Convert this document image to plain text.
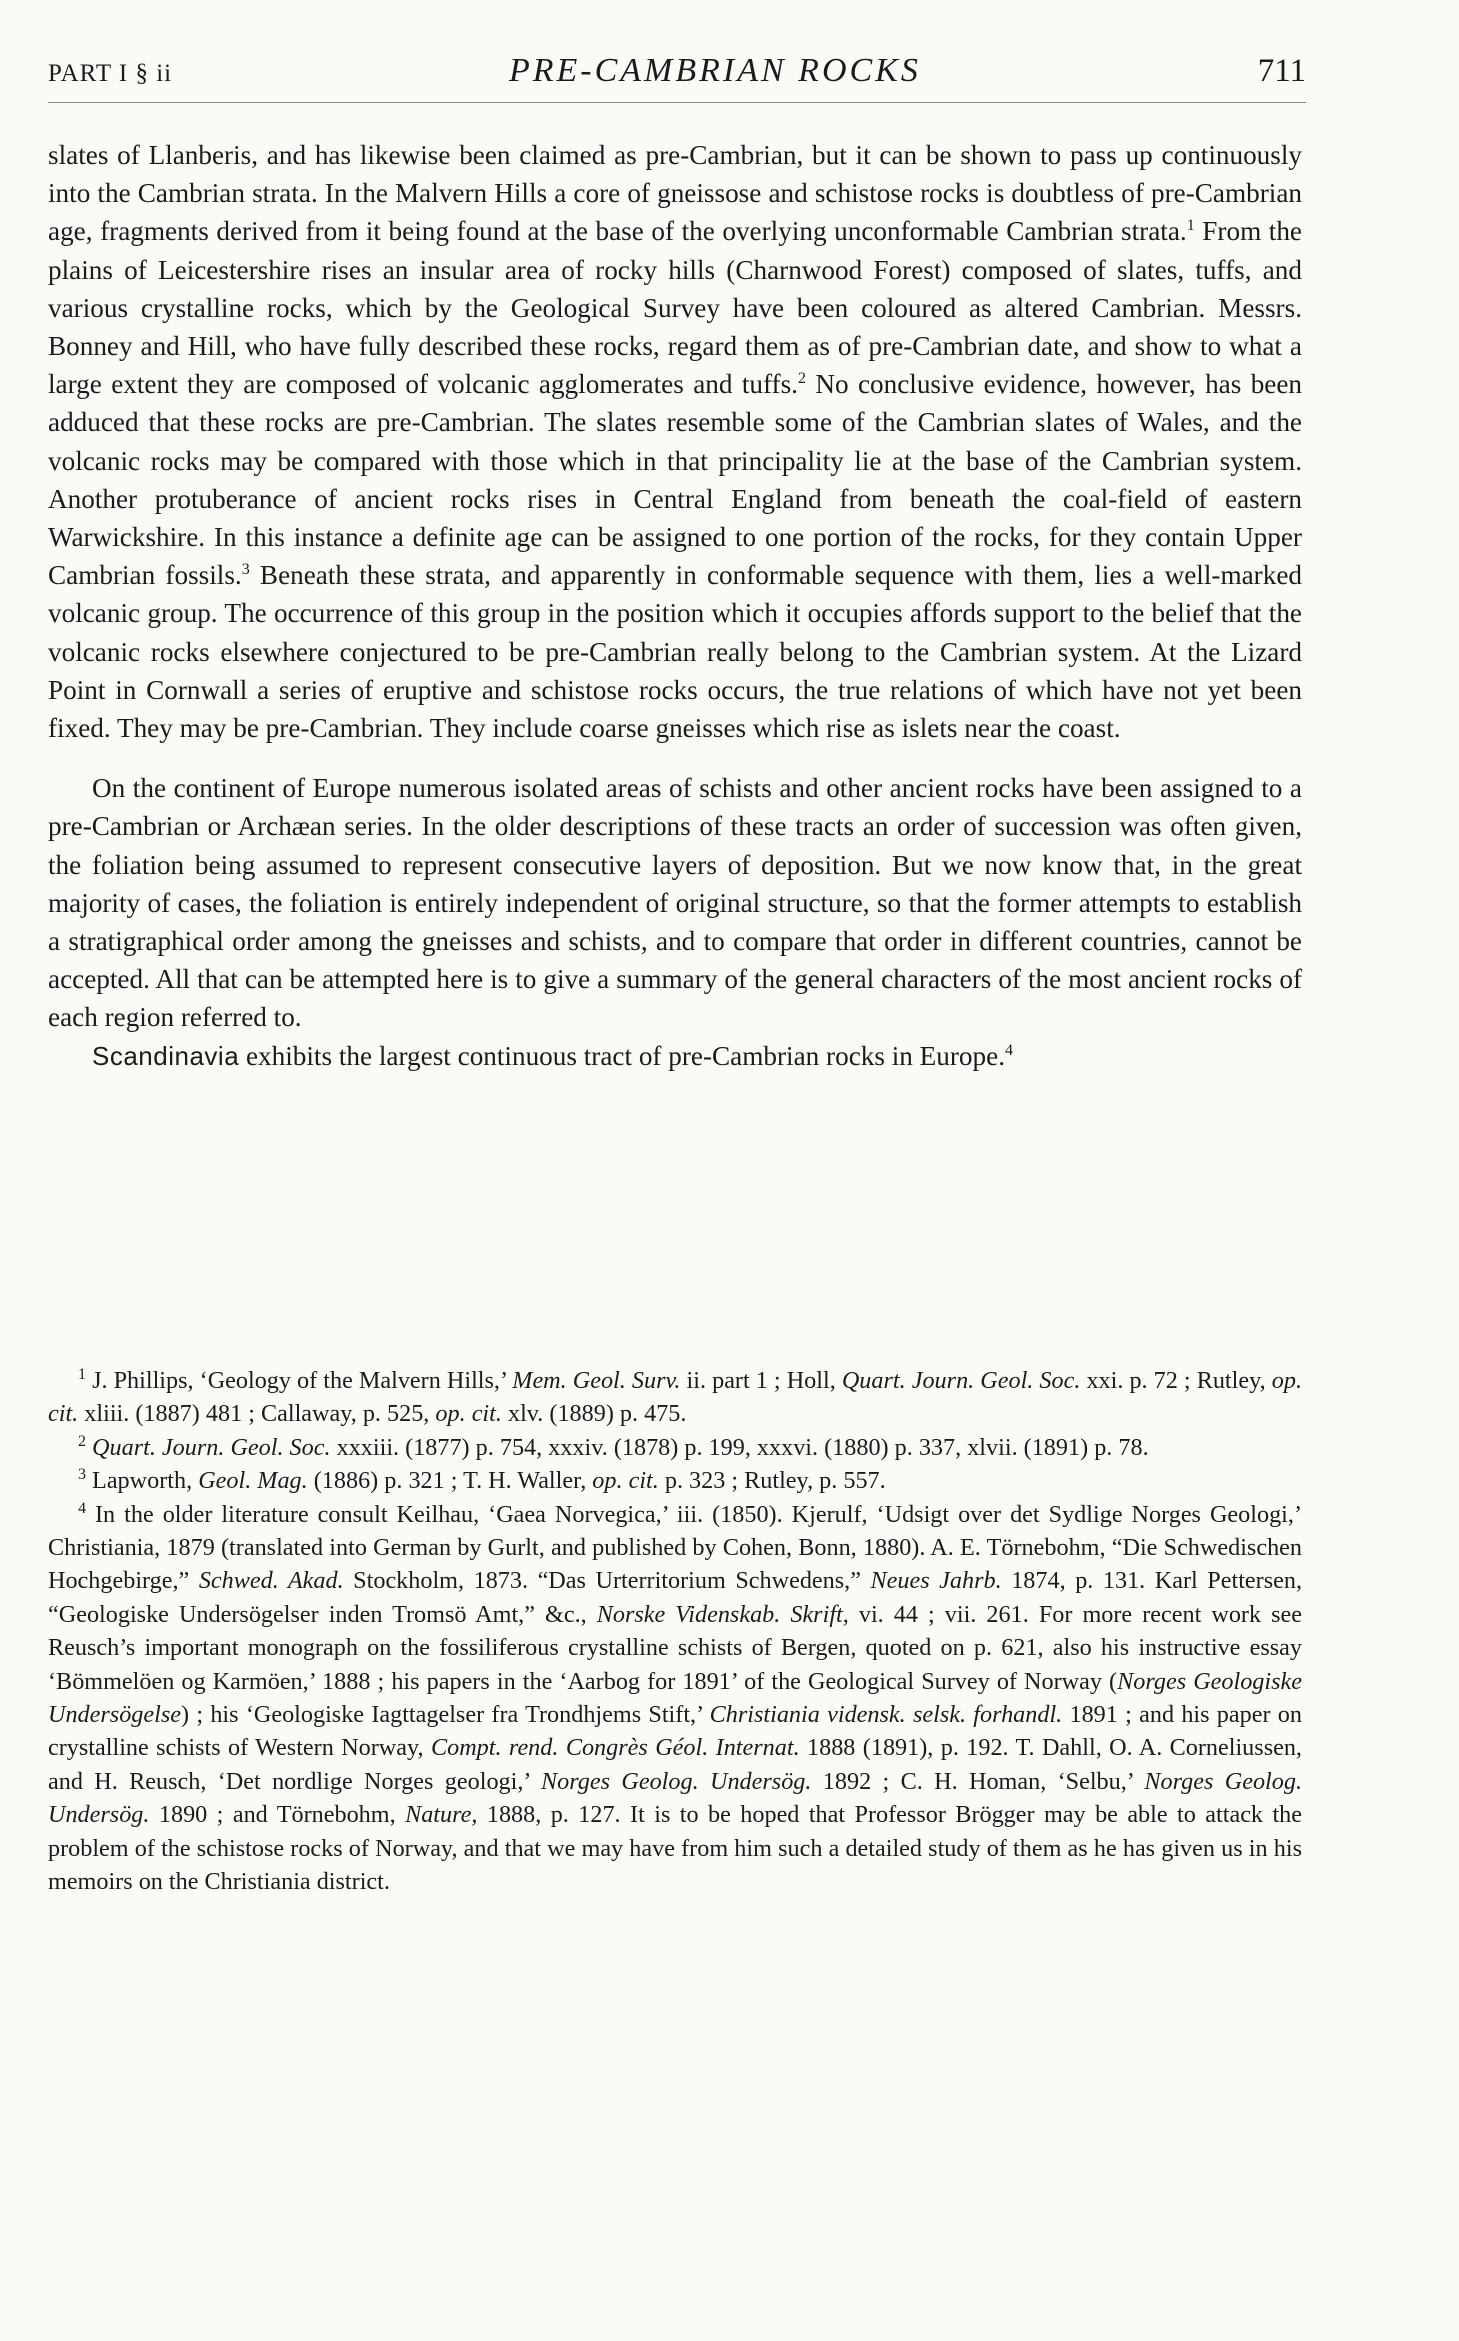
PART I § ii	PRE-CAMBRIAN ROCKS	711

slates of Llanberis, and has likewise been claimed as pre-Cambrian, but it can be shown to pass up continuously into the Cambrian strata. In the Malvern Hills a core of gneissose and schistose rocks is doubtless of pre-Cambrian age, fragments derived from it being found at the base of the overlying unconformable Cambrian strata.$^1$ From the plains of Leicestershire rises an insular area of rocky hills (Charnwood Forest) composed of slates, tuffs, and various crystalline rocks, which by the Geological Survey have been coloured as altered Cambrian. Messrs. Bonney and Hill, who have fully described these rocks, regard them as of pre-Cambrian date, and show to what a large extent they are composed of volcanic agglomerates and tuffs.$^2$ No conclusive evidence, however, has been adduced that these rocks are pre-Cambrian. The slates resemble some of the Cambrian slates of Wales, and the volcanic rocks may be compared with those which in that principality lie at the base of the Cambrian system. Another protuberance of ancient rocks rises in Central England from beneath the coal-field of eastern Warwickshire. In this instance a definite age can be assigned to one portion of the rocks, for they contain Upper Cambrian fossils.$^3$ Beneath these strata, and apparently in conformable sequence with them, lies a well-marked volcanic group. The occurrence of this group in the position which it occupies affords support to the belief that the volcanic rocks elsewhere conjectured to be pre-Cambrian really belong to the Cambrian system. At the Lizard Point in Cornwall a series of eruptive and schistose rocks occurs, the true relations of which have not yet been fixed. They may be pre-Cambrian. They include coarse gneisses which rise as islets near the coast.

On the continent of Europe numerous isolated areas of schists and other ancient rocks have been assigned to a pre-Cambrian or Archæan series. In the older descriptions of these tracts an order of succession was often given, the foliation being assumed to represent consecutive layers of deposition. But we now know that, in the great majority of cases, the foliation is entirely independent of original structure, so that the former attempts to establish a stratigraphical order among the gneisses and schists, and to compare that order in different countries, cannot be accepted. All that can be attempted here is to give a summary of the general characters of the most ancient rocks of each region referred to.

Scandinavia exhibits the largest continuous tract of pre-Cambrian rocks in Europe.$^4$

$^1$ J. Phillips, ‘Geology of the Malvern Hills,’ Mem. Geol. Surv. ii. part 1 ; Holl, Quart. Journ. Geol. Soc. xxi. p. 72 ; Rutley, op. cit. xliii. (1887) 481 ; Callaway, p. 525, op. cit. xlv. (1889) p. 475.

$^2$ Quart. Journ. Geol. Soc. xxxiii. (1877) p. 754, xxxiv. (1878) p. 199, xxxvi. (1880) p. 337, xlvii. (1891) p. 78.

$^3$ Lapworth, Geol. Mag. (1886) p. 321 ; T. H. Waller, op. cit. p. 323 ; Rutley, p. 557.

$^4$ In the older literature consult Keilhau, ‘Gaea Norvegica,’ iii. (1850). Kjerulf, ‘Udsigt over det Sydlige Norges Geologi,’ Christiania, 1879 (translated into German by Gurlt, and published by Cohen, Bonn, 1880). A. E. Törnebohm, “Die Schwedischen Hochgebirge,” Schwed. Akad. Stockholm, 1873. “Das Urterritorium Schwedens,” Neues Jahrb. 1874, p. 131. Karl Pettersen, “Geologiske Undersögelser inden Tromsö Amt,” &c., Norske Videnskab. Skrift, vi. 44 ; vii. 261. For more recent work see Reusch’s important monograph on the fossiliferous crystalline schists of Bergen, quoted on p. 621, also his instructive essay ‘Bömmelöen og Karmöen,’ 1888 ; his papers in the ‘Aarbog for 1891’ of the Geological Survey of Norway (Norges Geologiske Undersögelse) ; his ‘Geologiske Iagttagelser fra Trondhjems Stift,’ Christiania vidensk. selsk. forhandl. 1891 ; and his paper on crystalline schists of Western Norway, Compt. rend. Congrès Géol. Internat. 1888 (1891), p. 192. T. Dahll, O. A. Corneliussen, and H. Reusch, ‘Det nordlige Norges geologi,’ Norges Geolog. Undersög. 1892 ; C. H. Homan, ‘Selbu,’ Norges Geolog. Undersög. 1890 ; and Törnebohm, Nature, 1888, p. 127. It is to be hoped that Professor Brögger may be able to attack the problem of the schistose rocks of Norway, and that we may have from him such a detailed study of them as he has given us in his memoirs on the Christiania district.
